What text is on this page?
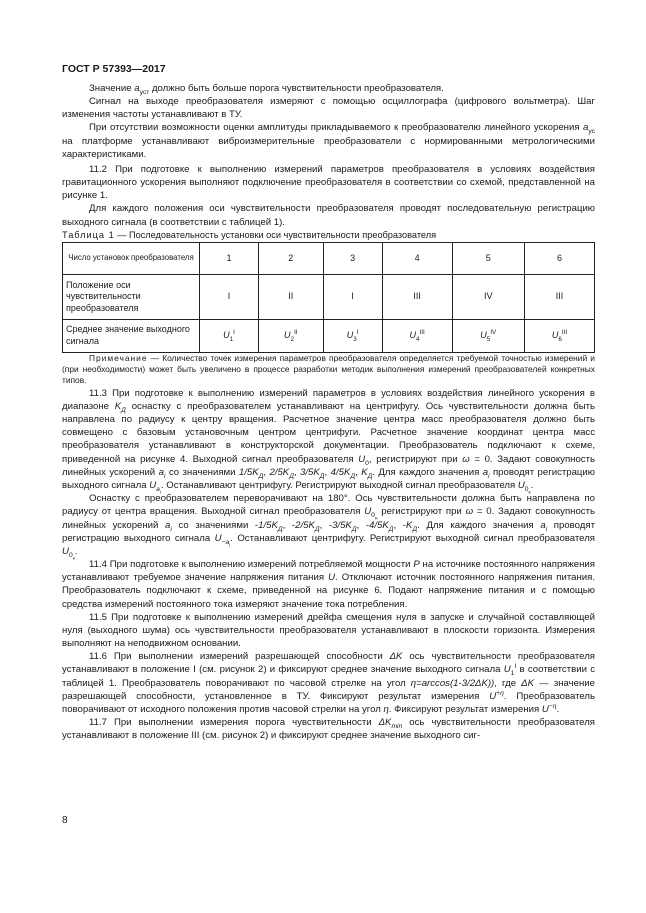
ГОСТ Р 57393—2017

Значение $a_{уст}$ должно быть больше порога чувствительности преобразователя.

Сигнал на выходе преобразователя измеряют с помощью осциллографа (цифрового вольтметра). Шаг изменения частоты устанавливают в ТУ.

При отсутствии возможности оценки амплитуды прикладываемого к преобразователю линейного ускорения $a_{ус}$ на платформе устанавливают виброизмерительные преобразователи с нормированными метрологическими характеристиками.

11.2 При подготовке к выполнению измерений параметров преобразователя в условиях воздействия гравитационного ускорения выполняют подключение преобразователя в соответствии со схемой, представленной на рисунке 1.

Для каждого положения оси чувствительности преобразователя проводят последовательную регистрацию выходного сигнала (в соответствии с таблицей 1).

Таблица 1 — Последовательность установки оси чувствительности преобразователя

Число установок преобразователя	1	2	3	4	5	6
Положение оси чувствительности преобразователя	I	II	I	III	IV	III
Среднее значение выходного сигнала	$U_1^I$	$U_2^{II}$	$U_3^I$	$U_4^{III}$	$U_5^{IV}$	$U_6^{III}$

Примечание — Количество точек измерения параметров преобразователя определяется требуемой точностью измерений и (при необходимости) может быть увеличено в процессе разработки методик выполнения измерений преобразователей конкретных типов.

11.3 При подготовке к выполнению измерений параметров в условиях воздействия линейного ускорения в диапазоне $K_Д$ оснастку с преобразователем устанавливают на центрифугу. Ось чувствительности должна быть направлена по радиусу к центру вращения. Расчетное значение центра масс преобразователя должно быть совмещено с базовым установочным центром центрифуги. Расчетное значение координат центра масс преобразователя устанавливают в конструкторской документации. Преобразователь подключают к схеме, приведенной на рисунке 4. Выходной сигнал преобразователя $U_0$, регистрируют при ω = 0. Задают совокупность линейных ускорений $a_i$ со значениями $1/5K_Д$, $2/5K_Д$, $3/5K_Д$, $4/5K_Д$, $K_Д$. Для каждого значения $a_i$ проводят регистрацию выходного сигнала $U_{a_i}$. Останавливают центрифугу. Регистрируют выходной сигнал преобразователя $U_{0_к}$.

Оснастку с преобразователем переворачивают на 180°. Ось чувствительности должна быть направлена по радиусу от центра вращения. Выходной сигнал преобразователя $U_{0_н}$ регистрируют при ω = 0. Задают совокупность линейных ускорений $a_i$ со значениями $-1/5K_Д$, $-2/5K_Д$, $-3/5K_Д$, $-4/5K_Д$, $-K_Д$. Для каждого значения $a_i$ проводят регистрацию выходного сигнала $U_{-a_i}$. Останавливают центрифугу. Регистрируют выходной сигнал преобразователя $U_{0_к}$.

11.4 При подготовке к выполнению измерений потребляемой мощности P на источнике постоянного напряжения устанавливают требуемое значение напряжения питания U. Отключают источник постоянного напряжения питания. Преобразователь подключают к схеме, приведенной на рисунке 6. Подают напряжение питания и с помощью средства измерений постоянного тока измеряют значение тока потребления.

11.5 При подготовке к выполнению измерений дрейфа смещения нуля в запуске и случайной составляющей нуля (выходного шума) ось чувствительности преобразователя устанавливают в плоскости горизонта. Измерения выполняют на неподвижном основании.

11.6 При выполнении измерений разрешающей способности ΔK ось чувствительности преобразователя устанавливают в положение I (см. рисунок 2) и фиксируют среднее значение выходного сигнала $U_1^I$ в соответствии с таблицей 1. Преобразователь поворачивают по часовой стрелке на угол η=arccos(1-3/2ΔK)), где ΔK — значение разрешающей способности, установленное в ТУ. Фиксируют результат измерения $U^{+\eta}$. Преобразователь поворачивают от исходного положения против часовой стрелки на угол η. Фиксируют результат измерения $U^{-\eta}$.

11.7 При выполнении измерения порога чувствительности $\Delta K_{min}$ ось чувствительности преобразователя устанавливают в положение III (см. рисунок 2) и фиксируют среднее значение выходного сиг-

8
